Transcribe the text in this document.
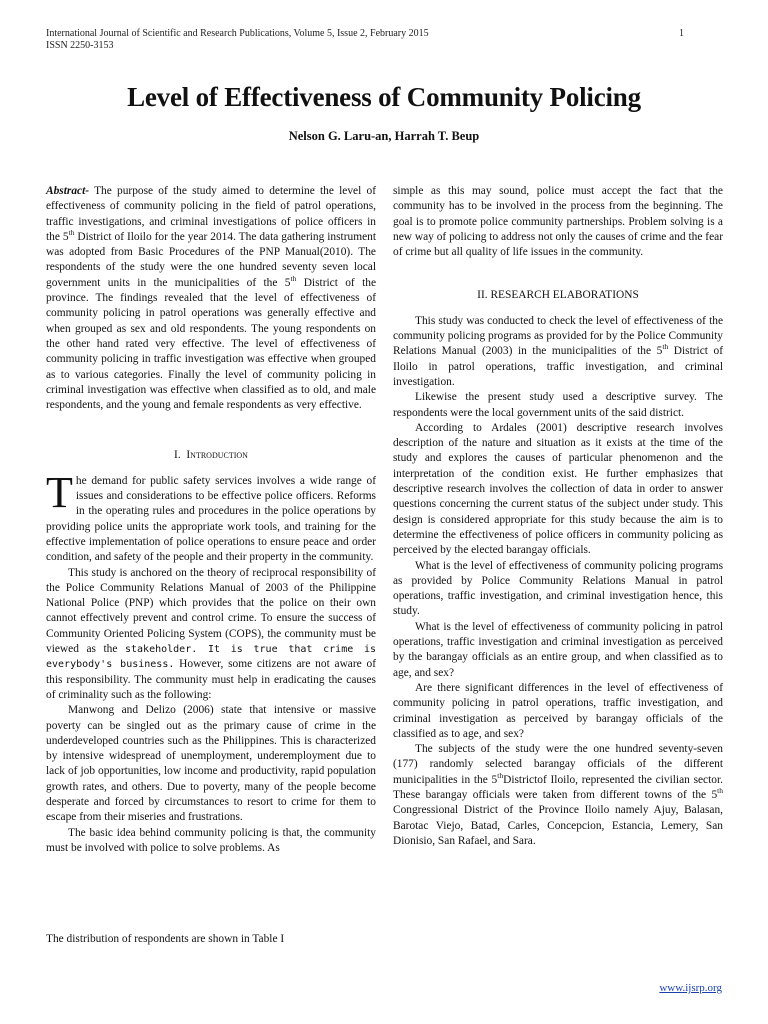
International Journal of Scientific and Research Publications, Volume 5, Issue 2, February 2015
ISSN 2250-3153
1
Level of Effectiveness of Community Policing
Nelson G. Laru-an, Harrah T. Beup

Abstract- The purpose of the study aimed to determine the level of effectiveness of community policing in the field of patrol operations, traffic investigations, and criminal investigations of police officers in the 5th District of Iloilo for the year 2014. The data gathering instrument was adopted from Basic Procedures of the PNP Manual(2010). The respondents of the study were the one hundred seventy seven local government units in the municipalities of the 5th District of the province. The findings revealed that the level of effectiveness of community policing in patrol operations was generally effective and when grouped as sex and old respondents. The young respondents on the other hand rated very effective. The level of effectiveness of community policing in traffic investigation was effective when grouped as to various categories. Finally the level of community policing in criminal investigation was effective when classified as to old, and male respondents, and the young and female respondents as very effective.

I. Introduction

The demand for public safety services involves a wide range of issues and considerations to be effective police officers. Reforms in the operating rules and procedures in the police operations by providing police units the appropriate work tools, and training for the effective implementation of police operations to ensure peace and order condition, and safety of the people and their property in the community.

This study is anchored on the theory of reciprocal responsibility of the Police Community Relations Manual of 2003 of the Philippine National Police (PNP) which provides that the police on their own cannot effectively prevent and control crime. To ensure the success of Community Oriented Policing System (COPS), the community must be viewed as the stakeholder. It is true that crime is everybody's business. However, some citizens are not aware of this responsibility. The community must help in eradicating the causes of criminality such as the following:

Manwong and Delizo (2006) state that intensive or massive poverty can be singled out as the primary cause of crime in the underdeveloped countries such as the Philippines. This is characterized by intensive widespread of unemployment, underemployment due to lack of job opportunities, low income and productivity, rapid population growth rates, and others. Due to poverty, many of the people become desperate and forced by circumstances to resort to crime for them to escape from their miseries and frustrations.

The basic idea behind community policing is that, the community must be involved with police to solve problems. As

simple as this may sound, police must accept the fact that the community has to be involved in the process from the beginning. The goal is to promote police community partnerships. Problem solving is a new way of policing to address not only the causes of crime and the fear of crime but all quality of life issues in the community.

II. RESEARCH ELABORATIONS

This study was conducted to check the level of effectiveness of the community policing programs as provided for by the Police Community Relations Manual (2003) in the municipalities of the 5th District of Iloilo in patrol operations, traffic investigation, and criminal investigation.

Likewise the present study used a descriptive survey. The respondents were the local government units of the said district.

According to Ardales (2001) descriptive research involves description of the nature and situation as it exists at the time of the study and explores the causes of particular phenomenon and the interpretation of the condition exist. He further emphasizes that descriptive research involves the collection of data in order to answer questions concerning the current status of the subject under study. This design is considered appropriate for this study because the aim is to determine the effectiveness of police officers in community policing as perceived by the elected barangay officials.

What is the level of effectiveness of community policing programs as provided by Police Community Relations Manual in patrol operations, traffic investigation, and criminal investigation hence, this study.

What is the level of effectiveness of community policing in patrol operations, traffic investigation and criminal investigation as perceived by the barangay officials as an entire group, and when classified as to age, and sex?

Are there significant differences in the level of effectiveness of community policing in patrol operations, traffic investigation, and criminal investigation as perceived by barangay officials of the classified as to age, and sex?

The subjects of the study were the one hundred seventy-seven (177) randomly selected barangay officials of the different municipalities in the 5thDistrictof Iloilo, represented the civilian sector. These barangay officials were taken from different towns of the 5th Congressional District of the Province Iloilo namely Ajuy, Balasan, Barotac Viejo, Batad, Carles, Concepcion, Estancia, Lemery, San Dionisio, San Rafael, and Sara.

The distribution of respondents are shown in Table I
www.ijsrp.org
